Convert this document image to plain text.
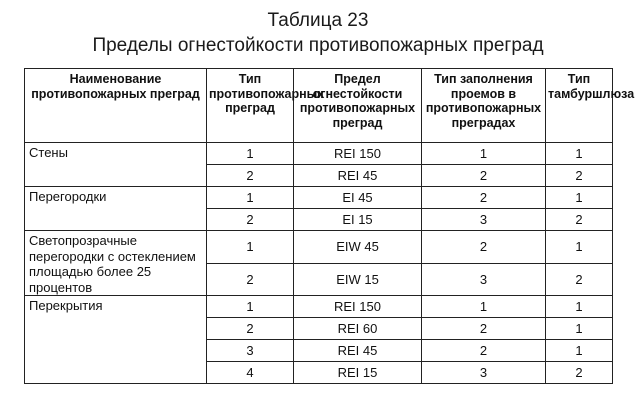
Таблица 23
Пределы огнестойкости противопожарных преград
Наименование противопожарных преград	Тип противопожарных преград	Предел огнестойкости противопожарных преград	Тип заполнения проемов в противопожарных преградах	Тип тамбуршлюза
Стены	1	REI 150	1	1
	2	REI 45	2	2
Перегородки	1	EI 45	2	1
	2	EI 15	3	2
Светопрозрачные перегородки с остеклением площадью более 25 процентов	1	EIW 45	2	1
	2	EIW 15	3	2
Перекрытия	1	REI 150	1	1
	2	REI 60	2	1
	3	REI 45	2	1
	4	REI 15	3	2
